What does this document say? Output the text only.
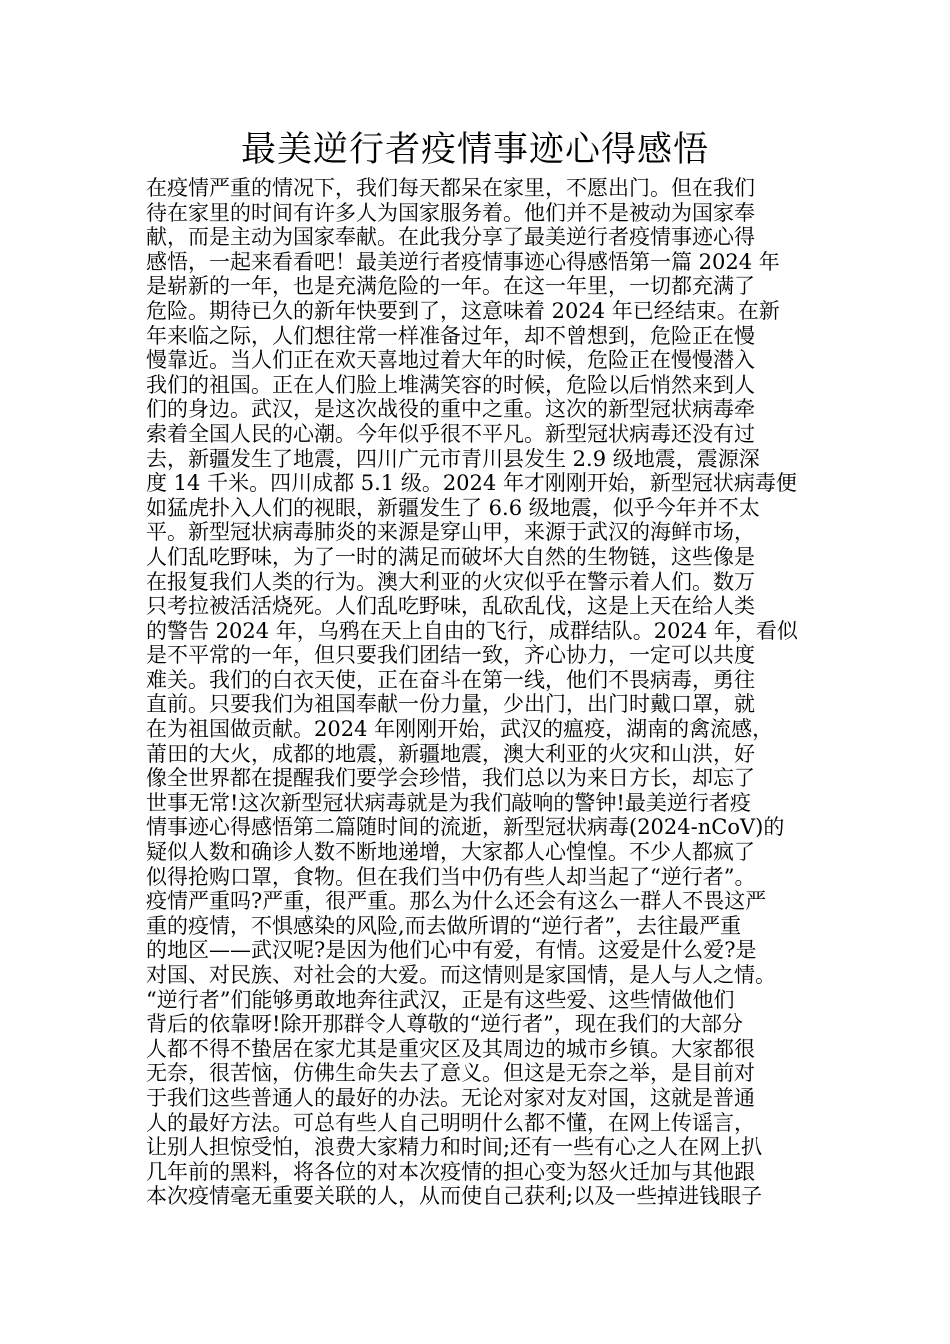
最美逆行者疫情事迹心得感悟
在疫情严重的情况下，我们每天都呆在家里，不愿出门。但在我们
待在家里的时间有许多人为国家服务着。他们并不是被动为国家奉
献，而是主动为国家奉献。在此我分享了最美逆行者疫情事迹心得
感悟，一起来看看吧！最美逆行者疫情事迹心得感悟第一篇 2024 年
是崭新的一年，也是充满危险的一年。在这一年里，一切都充满了
危险。期待已久的新年快要到了，这意味着 2024 年已经结束。在新
年来临之际，人们想往常一样准备过年，却不曾想到，危险正在慢
慢靠近。当人们正在欢天喜地过着大年的时候，危险正在慢慢潜入
我们的祖国。正在人们脸上堆满笑容的时候，危险以后悄然来到人
们的身边。武汉，是这次战役的重中之重。这次的新型冠状病毒牵
索着全国人民的心潮。今年似乎很不平凡。新型冠状病毒还没有过
去，新疆发生了地震，四川广元市青川县发生 2.9 级地震，震源深
度 14 千米。四川成都 5.1 级。2024 年才刚刚开始，新型冠状病毒便
如猛虎扑入人们的视眼，新疆发生了 6.6 级地震，似乎今年并不太
平。新型冠状病毒肺炎的来源是穿山甲，来源于武汉的海鲜市场，
人们乱吃野味，为了一时的满足而破坏大自然的生物链，这些像是
在报复我们人类的行为。澳大利亚的火灾似乎在警示着人们。数万
只考拉被活活烧死。人们乱吃野味，乱砍乱伐，这是上天在给人类
的警告 2024 年，乌鸦在天上自由的飞行，成群结队。2024 年，看似
是不平常的一年，但只要我们团结一致，齐心协力，一定可以共度
难关。我们的白衣天使，正在奋斗在第一线，他们不畏病毒，勇往
直前。只要我们为祖国奉献一份力量，少出门，出门时戴口罩，就
在为祖国做贡献。2024 年刚刚开始，武汉的瘟疫，湖南的禽流感，
莆田的大火，成都的地震，新疆地震，澳大利亚的火灾和山洪，好
像全世界都在提醒我们要学会珍惜，我们总以为来日方长，却忘了
世事无常!这次新型冠状病毒就是为我们敲响的警钟!最美逆行者疫
情事迹心得感悟第二篇随时间的流逝，新型冠状病毒(2024-nCoV)的
疑似人数和确诊人数不断地递增，大家都人心惶惶。不少人都疯了
似得抢购口罩，食物。但在我们当中仍有些人却当起了“逆行者”。
疫情严重吗?严重，很严重。那么为什么还会有这么一群人不畏这严
重的疫情，不惧感染的风险,而去做所谓的“逆行者”，去往最严重
的地区——武汉呢?是因为他们心中有爱，有情。这爱是什么爱?是
对国、对民族、对社会的大爱。而这情则是家国情，是人与人之情。
“逆行者”们能够勇敢地奔往武汉，正是有这些爱、这些情做他们
背后的依靠呀!除开那群令人尊敬的“逆行者”，现在我们的大部分
人都不得不蛰居在家尤其是重灾区及其周边的城市乡镇。大家都很
无奈，很苦恼，仿佛生命失去了意义。但这是无奈之举，是目前对
于我们这些普通人的最好的办法。无论对家对友对国，这就是普通
人的最好方法。可总有些人自己明明什么都不懂，在网上传谣言，
让别人担惊受怕，浪费大家精力和时间;还有一些有心之人在网上扒
几年前的黑料，将各位的对本次疫情的担心变为怒火迁加与其他跟
本次疫情毫无重要关联的人，从而使自己获利;以及一些掉进钱眼子
